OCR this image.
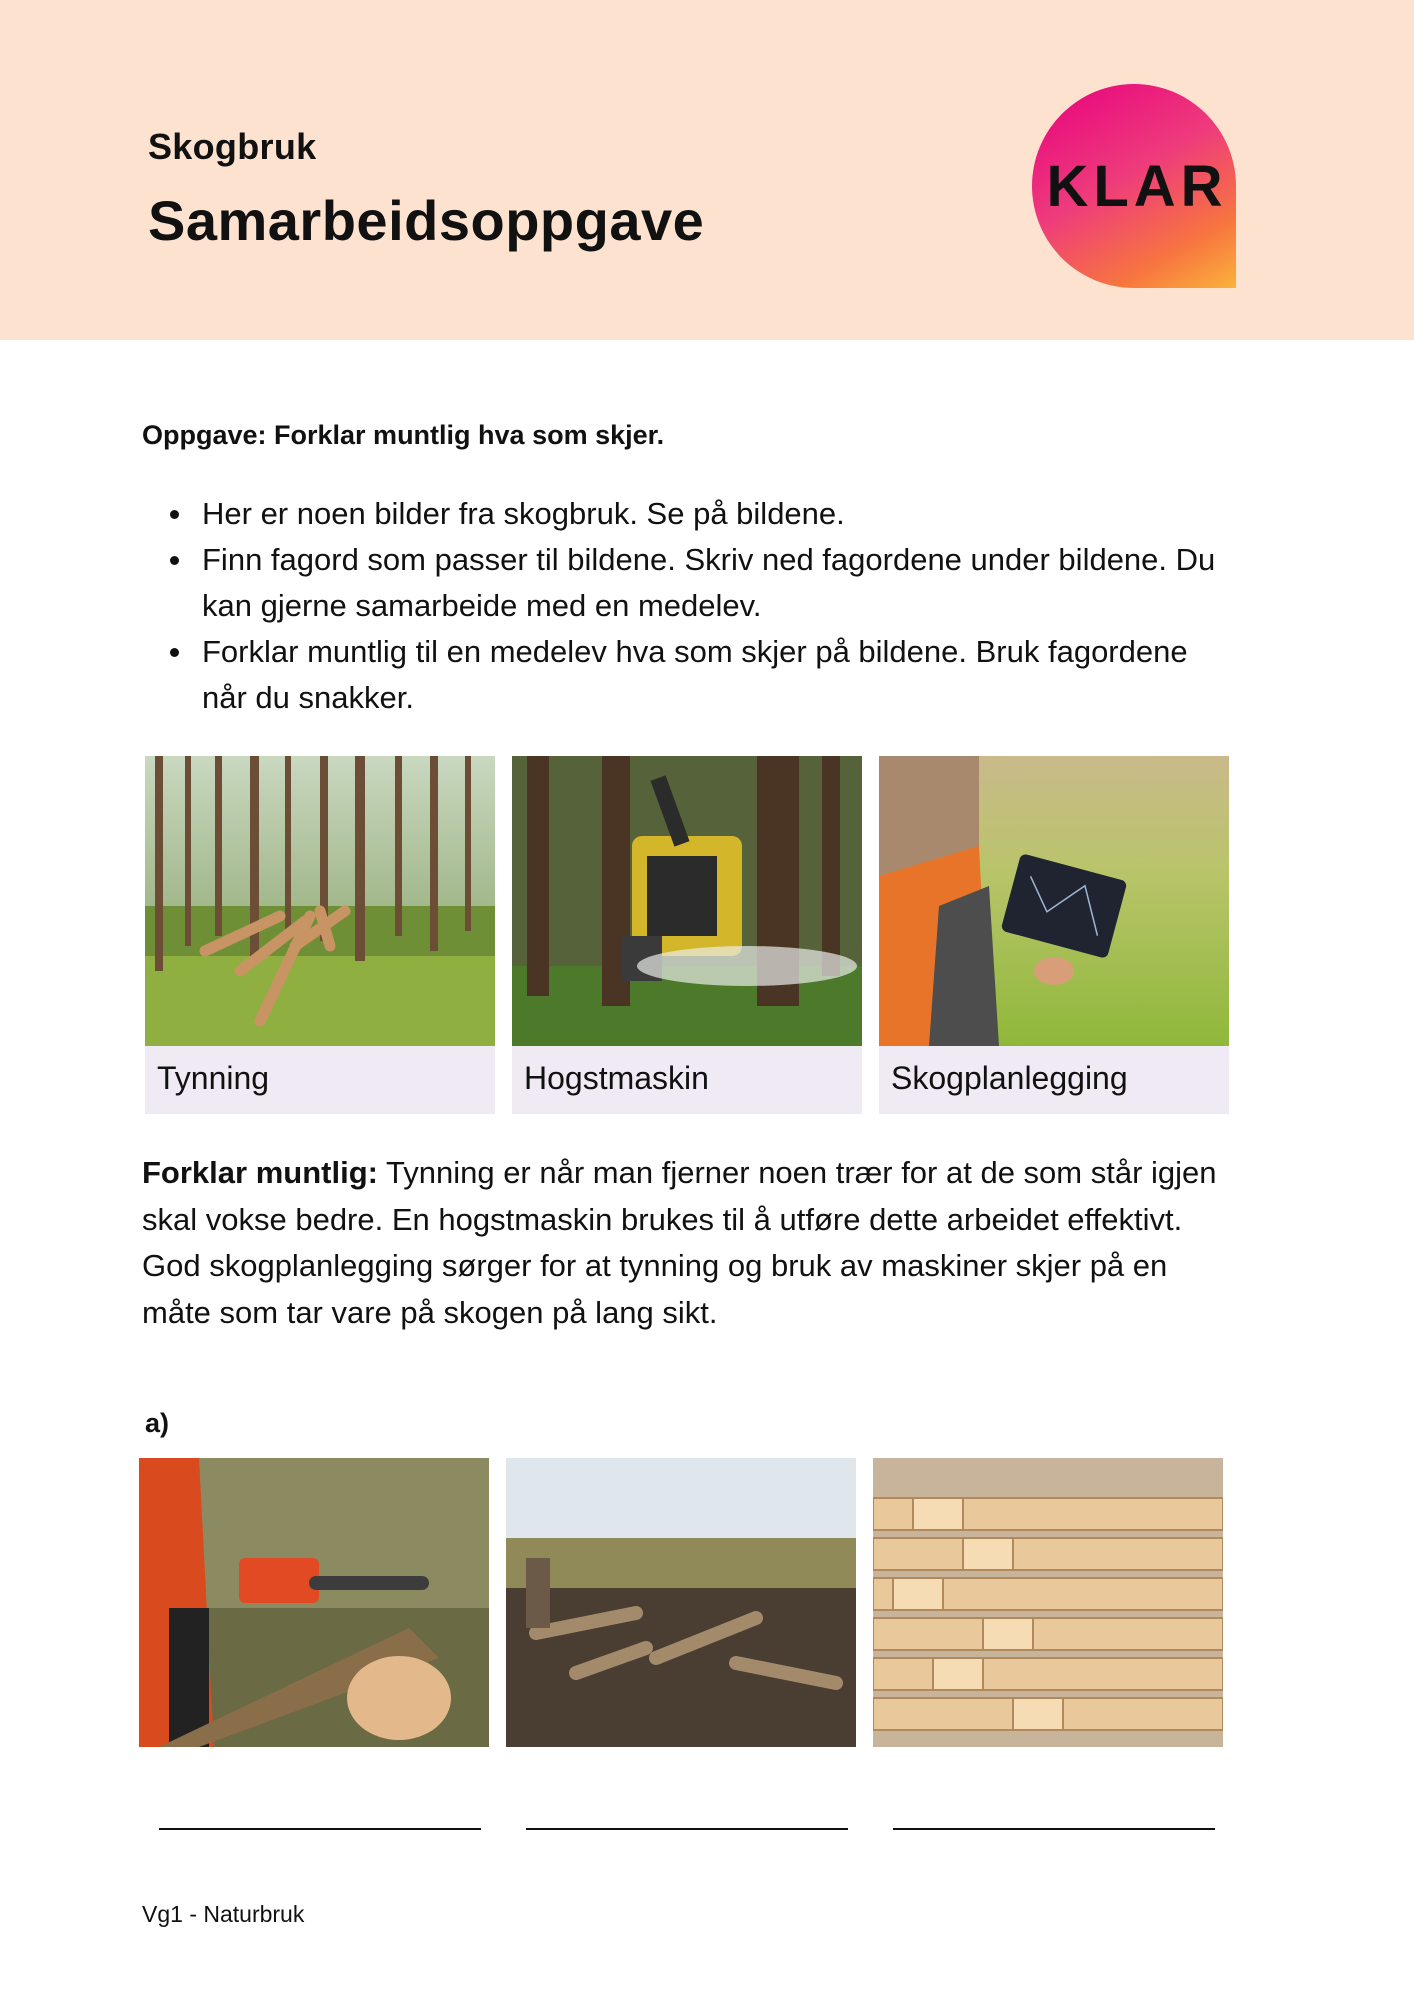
Skogbruk
Samarbeidsoppgave
KLAR
Oppgave: Forklar muntlig hva som skjer.
Her er noen bilder fra skogbruk. Se på bildene.
Finn fagord som passer til bildene. Skriv ned fagordene under bildene. Du kan gjerne samarbeide med en medelev.
Forklar muntlig til en medelev hva som skjer på bildene. Bruk fagordene når du snakker.
Tynning	Hogstmaskin	Skogplanlegging
Forklar muntlig: Tynning er når man fjerner noen trær for at de som står igjen skal vokse bedre. En hogstmaskin brukes til å utføre dette arbeidet effektivt. God skogplanlegging sørger for at tynning og bruk av maskiner skjer på en måte som tar vare på skogen på lang sikt.
a)
Vg1 - Naturbruk
